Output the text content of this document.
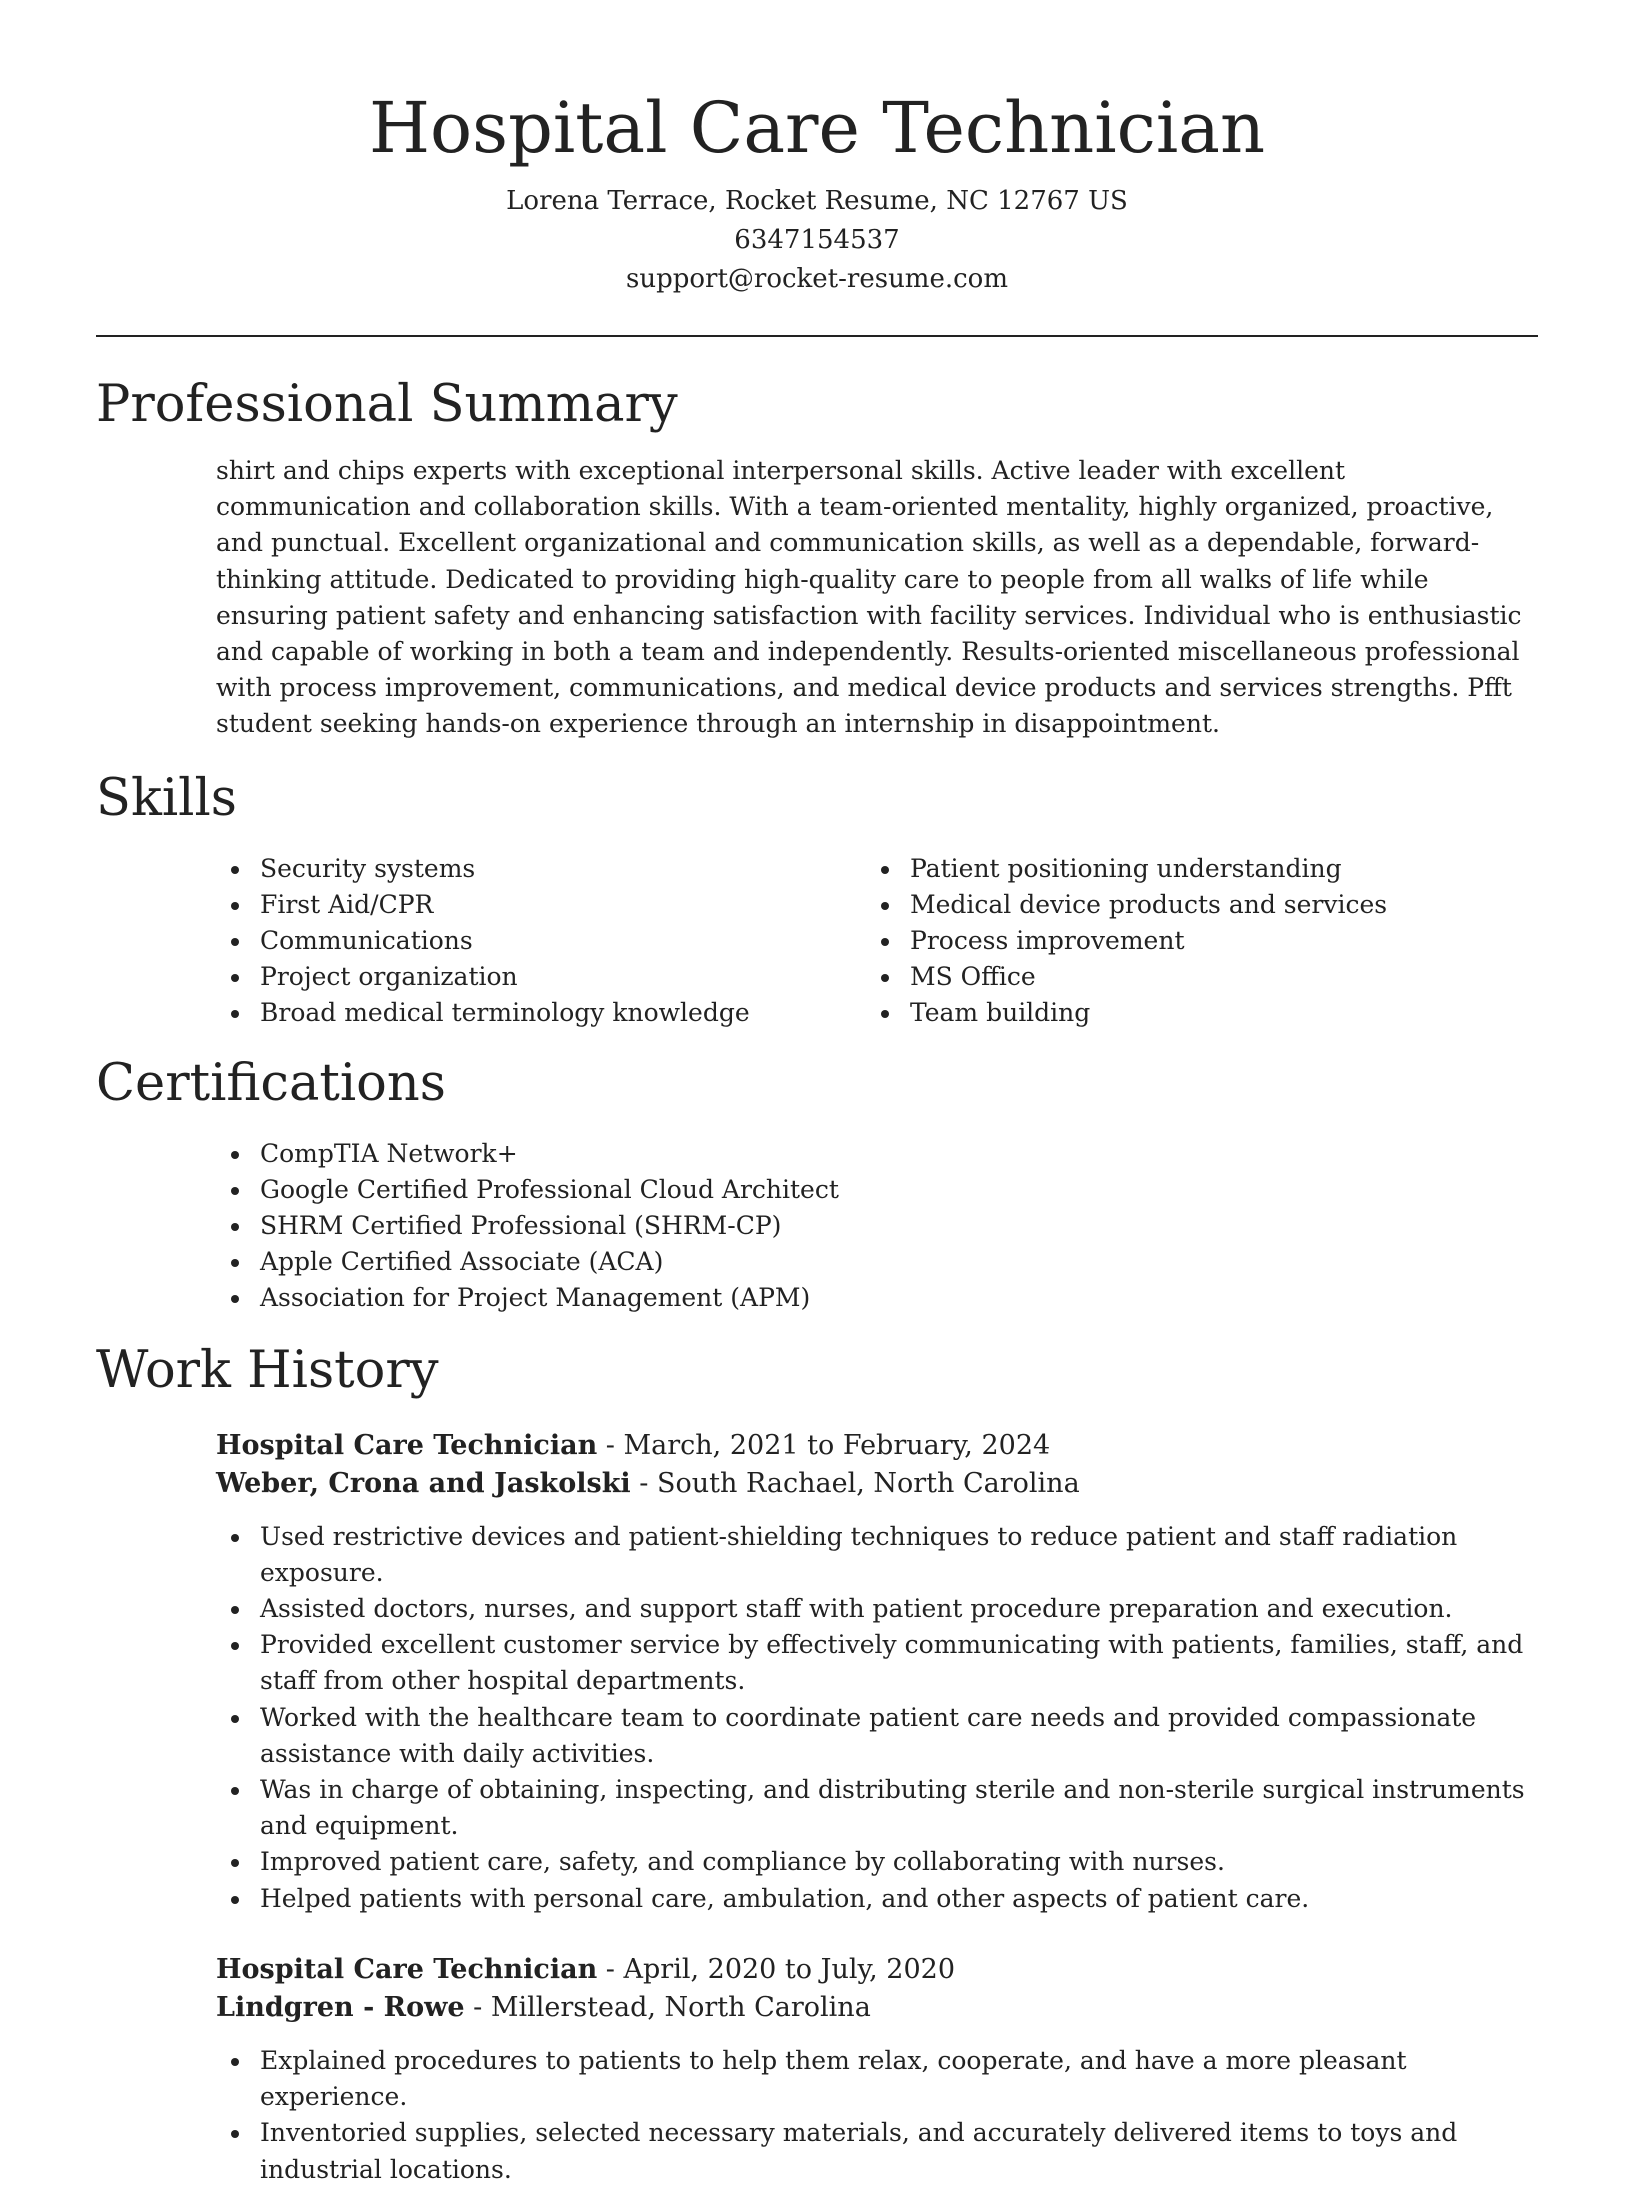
Hospital Care Technician
Lorena Terrace, Rocket Resume, NC 12767 US
6347154537
support@rocket-resume.com
Professional Summary
shirt and chips experts with exceptional interpersonal skills. Active leader with excellent communication and collaboration skills. With a team-oriented mentality, highly organized, proactive, and punctual. Excellent organizational and communication skills, as well as a dependable, forward-thinking attitude. Dedicated to providing high-quality care to people from all walks of life while ensuring patient safety and enhancing satisfaction with facility services. Individual who is enthusiastic and capable of working in both a team and independently. Results-oriented miscellaneous professional with process improvement, communications, and medical device products and services strengths. Pfft student seeking hands-on experience through an internship in disappointment.
Skills
Security systems
First Aid/CPR
Communications
Project organization
Broad medical terminology knowledge
Patient positioning understanding
Medical device products and services
Process improvement
MS Office
Team building
Certifications
CompTIA Network+
Google Certified Professional Cloud Architect
SHRM Certified Professional (SHRM-CP)
Apple Certified Associate (ACA)
Association for Project Management (APM)
Work History
Hospital Care Technician - March, 2021 to February, 2024
Weber, Crona and Jaskolski - South Rachael, North Carolina
Used restrictive devices and patient-shielding techniques to reduce patient and staff radiation exposure.
Assisted doctors, nurses, and support staff with patient procedure preparation and execution.
Provided excellent customer service by effectively communicating with patients, families, staff, and staff from other hospital departments.
Worked with the healthcare team to coordinate patient care needs and provided compassionate assistance with daily activities.
Was in charge of obtaining, inspecting, and distributing sterile and non-sterile surgical instruments and equipment.
Improved patient care, safety, and compliance by collaborating with nurses.
Helped patients with personal care, ambulation, and other aspects of patient care.
Hospital Care Technician - April, 2020 to July, 2020
Lindgren - Rowe - Millerstead, North Carolina
Explained procedures to patients to help them relax, cooperate, and have a more pleasant experience.
Inventoried supplies, selected necessary materials, and accurately delivered items to toys and industrial locations.
